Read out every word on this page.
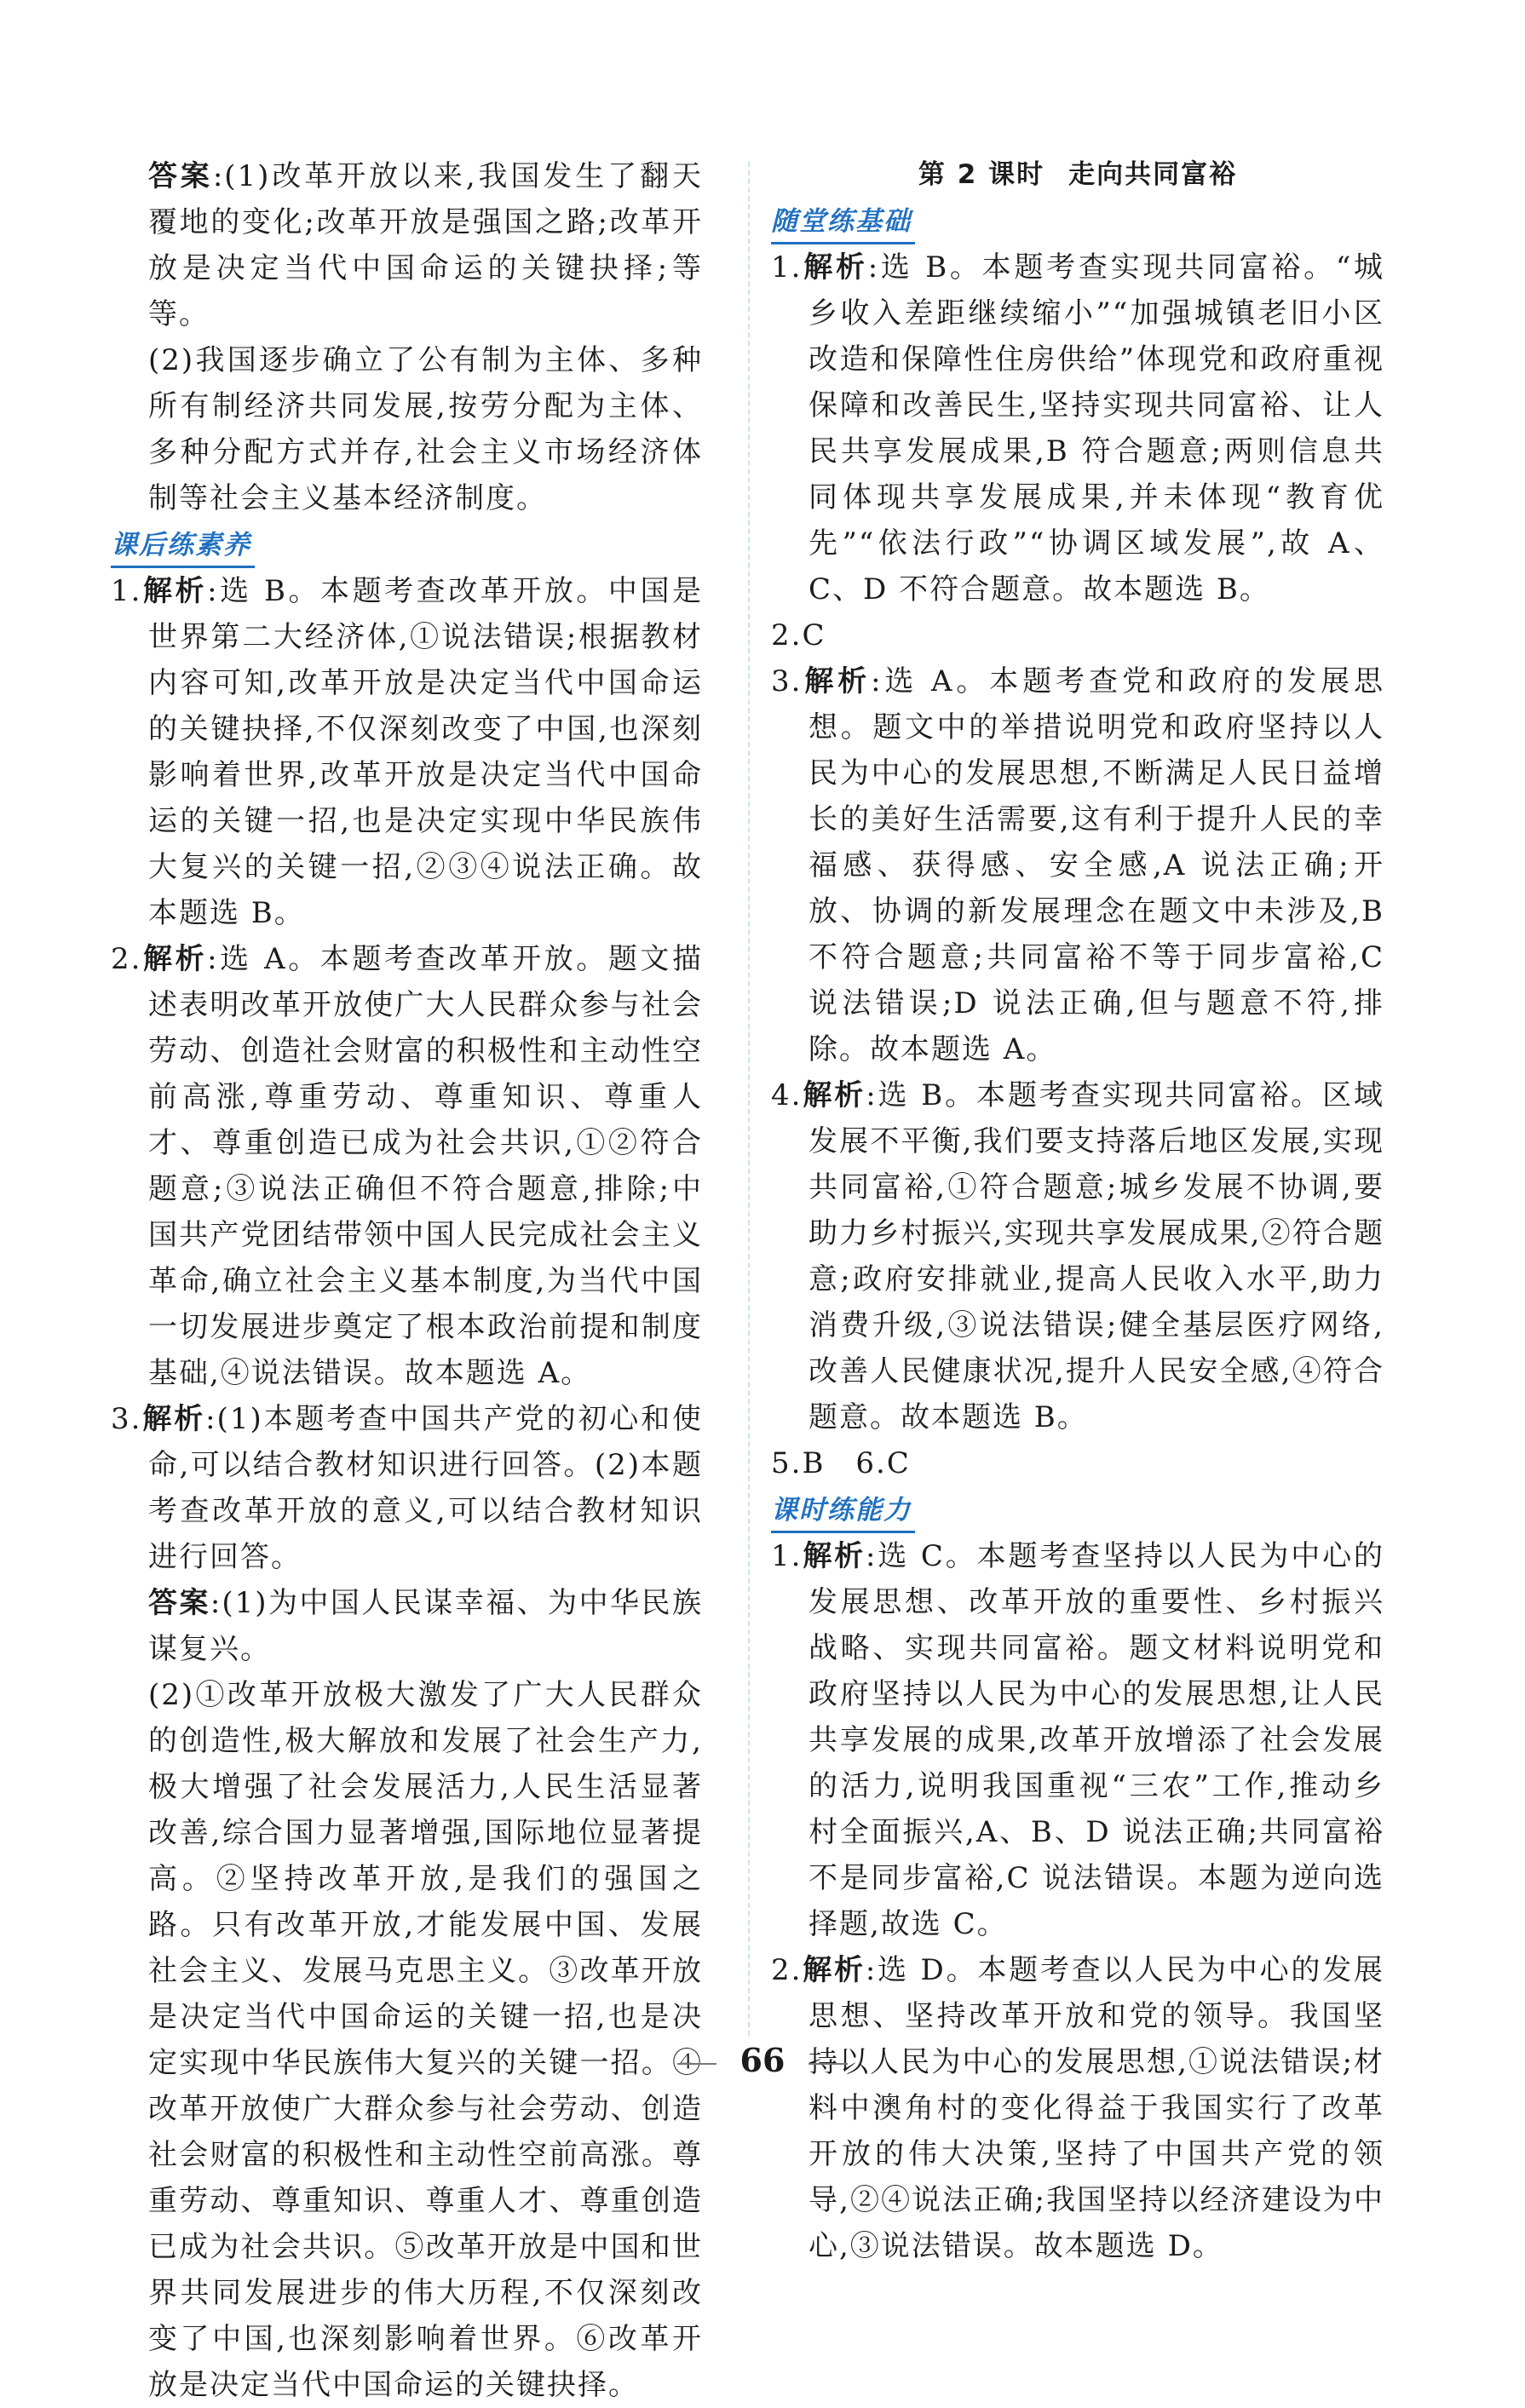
答案:(1)改革开放以来,我国发生了翻天覆地的变化;改革开放是强国之路;改革开放是决定当代中国命运的关键抉择;等等。

(2)我国逐步确立了公有制为主体、多种所有制经济共同发展,按劳分配为主体、多种分配方式并存,社会主义市场经济体制等社会主义基本经济制度。

课后练素养

1.解析:选 B。本题考查改革开放。中国是世界第二大经济体,①说法错误;根据教材内容可知,改革开放是决定当代中国命运的关键抉择,不仅深刻改变了中国,也深刻影响着世界,改革开放是决定当代中国命运的关键一招,也是决定实现中华民族伟大复兴的关键一招,②③④说法正确。故本题选 B。

2.解析:选 A。本题考查改革开放。题文描述表明改革开放使广大人民群众参与社会劳动、创造社会财富的积极性和主动性空前高涨,尊重劳动、尊重知识、尊重人才、尊重创造已成为社会共识,①②符合题意;③说法正确但不符合题意,排除;中国共产党团结带领中国人民完成社会主义革命,确立社会主义基本制度,为当代中国一切发展进步奠定了根本政治前提和制度基础,④说法错误。故本题选 A。

3.解析:(1)本题考查中国共产党的初心和使命,可以结合教材知识进行回答。(2)本题考查改革开放的意义,可以结合教材知识进行回答。

答案:(1)为中国人民谋幸福、为中华民族谋复兴。

(2)①改革开放极大激发了广大人民群众的创造性,极大解放和发展了社会生产力,极大增强了社会发展活力,人民生活显著改善,综合国力显著增强,国际地位显著提高。②坚持改革开放,是我们的强国之路。只有改革开放,才能发展中国、发展社会主义、发展马克思主义。③改革开放是决定当代中国命运的关键一招,也是决定实现中华民族伟大复兴的关键一招。④改革开放使广大群众参与社会劳动、创造社会财富的积极性和主动性空前高涨。尊重劳动、尊重知识、尊重人才、尊重创造已成为社会共识。⑤改革开放是中国和世界共同发展进步的伟大历程,不仅深刻改变了中国,也深刻影响着世界。⑥改革开放是决定当代中国命运的关键抉择。

第 2 课时 走向共同富裕

随堂练基础

1.解析:选 B。本题考查实现共同富裕。“城乡收入差距继续缩小”“加强城镇老旧小区改造和保障性住房供给”体现党和政府重视保障和改善民生,坚持实现共同富裕、让人民共享发展成果,B 符合题意;两则信息共同体现共享发展成果,并未体现“教育优先”“依法行政”“协调区域发展”,故 A、C、D 不符合题意。故本题选 B。

2.C

3.解析:选 A。本题考查党和政府的发展思想。题文中的举措说明党和政府坚持以人民为中心的发展思想,不断满足人民日益增长的美好生活需要,这有利于提升人民的幸福感、获得感、安全感,A 说法正确;开放、协调的新发展理念在题文中未涉及,B 不符合题意;共同富裕不等于同步富裕,C 说法错误;D 说法正确,但与题意不符,排除。故本题选 A。

4.解析:选 B。本题考查实现共同富裕。区域发展不平衡,我们要支持落后地区发展,实现共同富裕,①符合题意;城乡发展不协调,要助力乡村振兴,实现共享发展成果,②符合题意;政府安排就业,提高人民收入水平,助力消费升级,③说法错误;健全基层医疗网络,改善人民健康状况,提升人民安全感,④符合题意。故本题选 B。

5.B　6.C

课时练能力

1.解析:选 C。本题考查坚持以人民为中心的发展思想、改革开放的重要性、乡村振兴战略、实现共同富裕。题文材料说明党和政府坚持以人民为中心的发展思想,让人民共享发展的成果,改革开放增添了社会发展的活力,说明我国重视“三农”工作,推动乡村全面振兴,A、B、D 说法正确;共同富裕不是同步富裕,C 说法错误。本题为逆向选择题,故选 C。

2.解析:选 D。本题考查以人民为中心的发展思想、坚持改革开放和党的领导。我国坚持以人民为中心的发展思想,①说法错误;材料中澳角村的变化得益于我国实行了改革开放的伟大决策,坚持了中国共产党的领导,②④说法正确;我国坚持以经济建设为中心,③说法错误。故本题选 D。

66
